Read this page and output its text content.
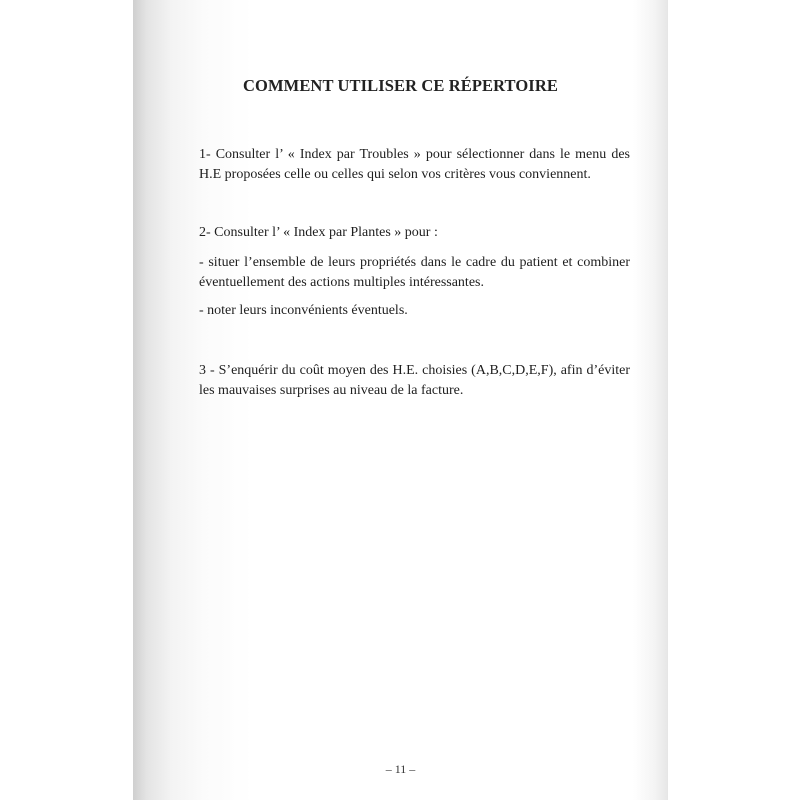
COMMENT UTILISER CE RÉPERTOIRE

1- Consulter l’ « Index par Troubles » pour sélectionner dans le menu des H.E proposées celle ou celles qui selon vos critères vous conviennent.

2- Consulter l’ « Index par Plantes » pour :

- situer l’ensemble de leurs propriétés dans le cadre du patient et combiner éventuellement des actions multiples intéressantes.

- noter leurs inconvénients éventuels.

3 - S’enquérir du coût moyen des H.E. choisies (A,B,C,D,E,F), afin d’éviter les mauvaises surprises au niveau de la facture.

– 11 –
